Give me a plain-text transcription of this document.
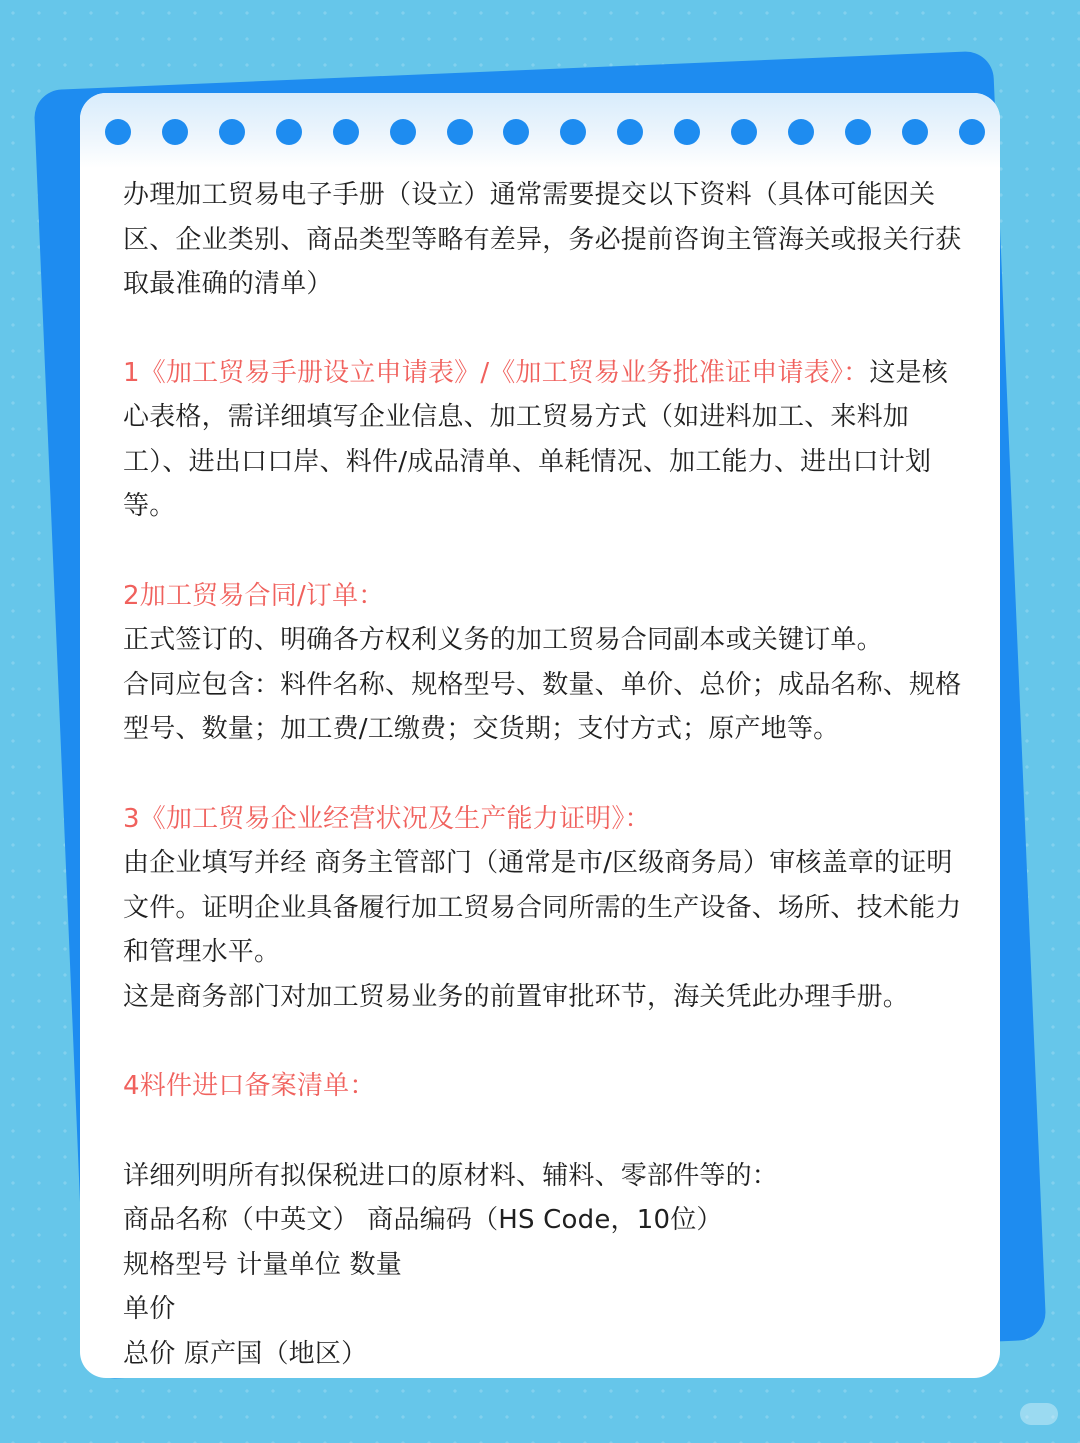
办理加工贸易电子手册（设立）通常需要提交以下资料（具体可能因关区、企业类别、商品类型等略有差异，务必提前咨询主管海关或报关行获取最准确的清单）

1《加工贸易手册设立申请表》/《加工贸易业务批准证申请表》：这是核心表格，需详细填写企业信息、加工贸易方式（如进料加工、来料加工）、进出口口岸、料件/成品清单、单耗情况、加工能力、进出口计划等。

2加工贸易合同/订单：

正式签订的、明确各方权利义务的加工贸易合同副本或关键订单。

合同应包含：料件名称、规格型号、数量、单价、总价；成品名称、规格型号、数量；加工费/工缴费；交货期；支付方式；原产地等。

3《加工贸易企业经营状况及生产能力证明》：

由企业填写并经 商务主管部门（通常是市/区级商务局）审核盖章的证明文件。证明企业具备履行加工贸易合同所需的生产设备、场所、技术能力和管理水平。

这是商务部门对加工贸易业务的前置审批环节，海关凭此办理手册。

4料件进口备案清单：

详细列明所有拟保税进口的原材料、辅料、零部件等的：

商品名称（中英文） 商品编码（HS Code，10位）

规格型号 计量单位 数量

单价

总价 原产国（地区）
